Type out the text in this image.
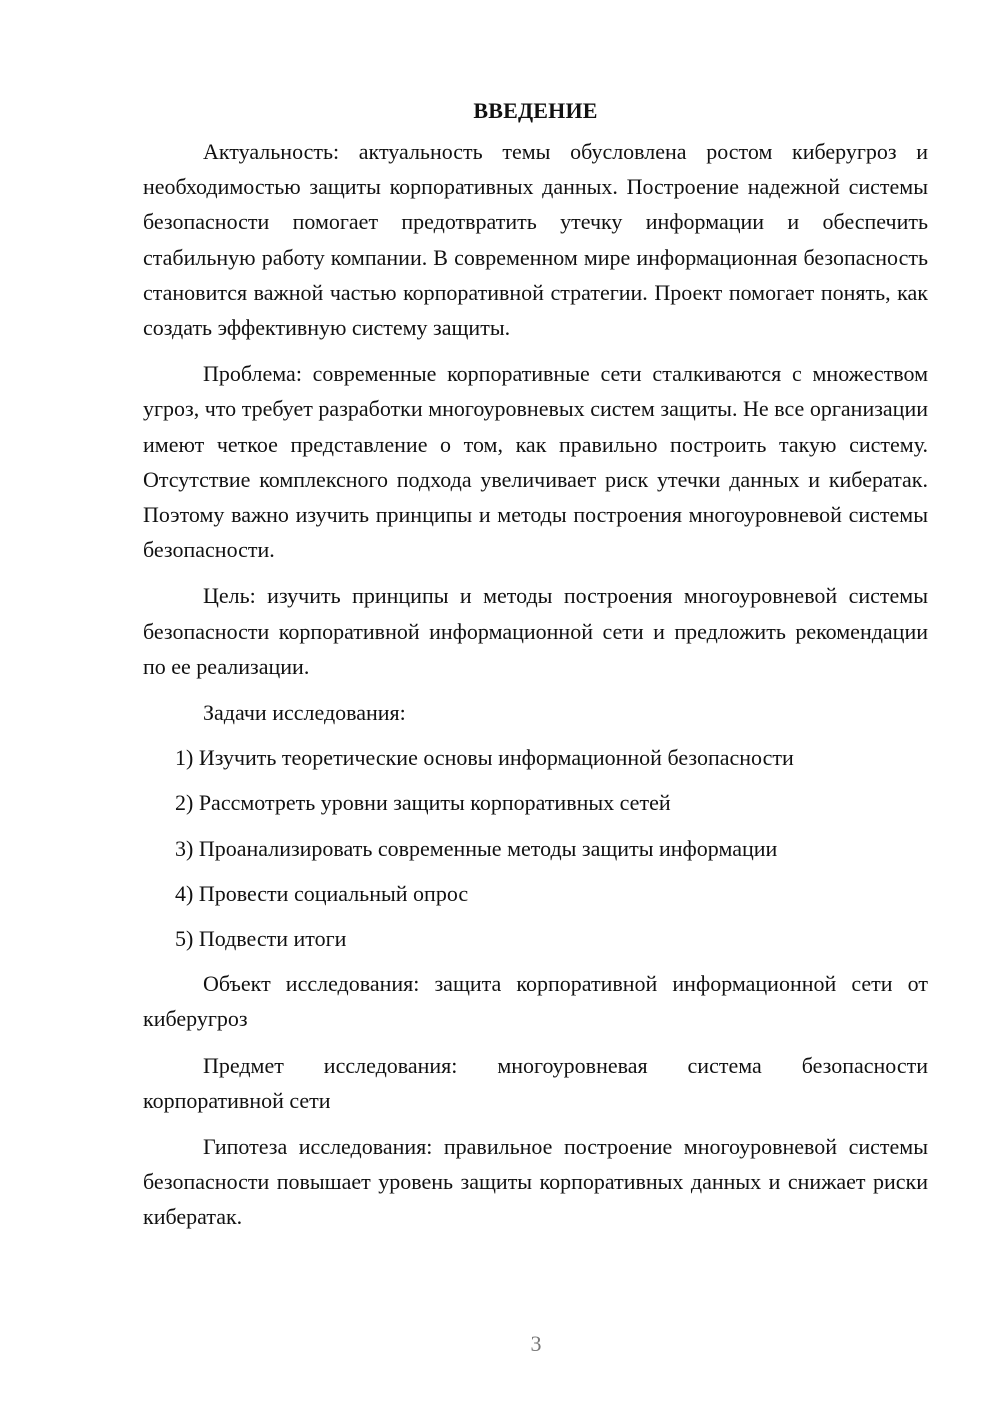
ВВЕДЕНИЕ

Актуальность: актуальность темы обусловлена ростом киберугроз и необходимостью защиты корпоративных данных. Построение надежной системы безопасности помогает предотвратить утечку информации и обеспечить стабильную работу компании. В современном мире информационная безопасность становится важной частью корпоративной стратегии. Проект помогает понять, как создать эффективную систему защиты.

Проблема: современные корпоративные сети сталкиваются с множеством угроз, что требует разработки многоуровневых систем защиты. Не все организации имеют четкое представление о том, как правильно построить такую систему. Отсутствие комплексного подхода увеличивает риск утечки данных и кибератак. Поэтому важно изучить принципы и методы построения многоуровневой системы безопасности.

Цель: изучить принципы и методы построения многоуровневой системы безопасности корпоративной информационной сети и предложить рекомендации по ее реализации.

Задачи исследования:
1) Изучить теоретические основы информационной безопасности
2) Рассмотреть уровни защиты корпоративных сетей
3) Проанализировать современные методы защиты информации
4) Провести социальный опрос
5) Подвести итоги

Объект исследования: защита корпоративной информационной сети от киберугроз

Предмет исследования: многоуровневая система безопасности корпоративной сети

Гипотеза исследования: правильное построение многоуровневой системы безопасности повышает уровень защиты корпоративных данных и снижает риски кибератак.

3
